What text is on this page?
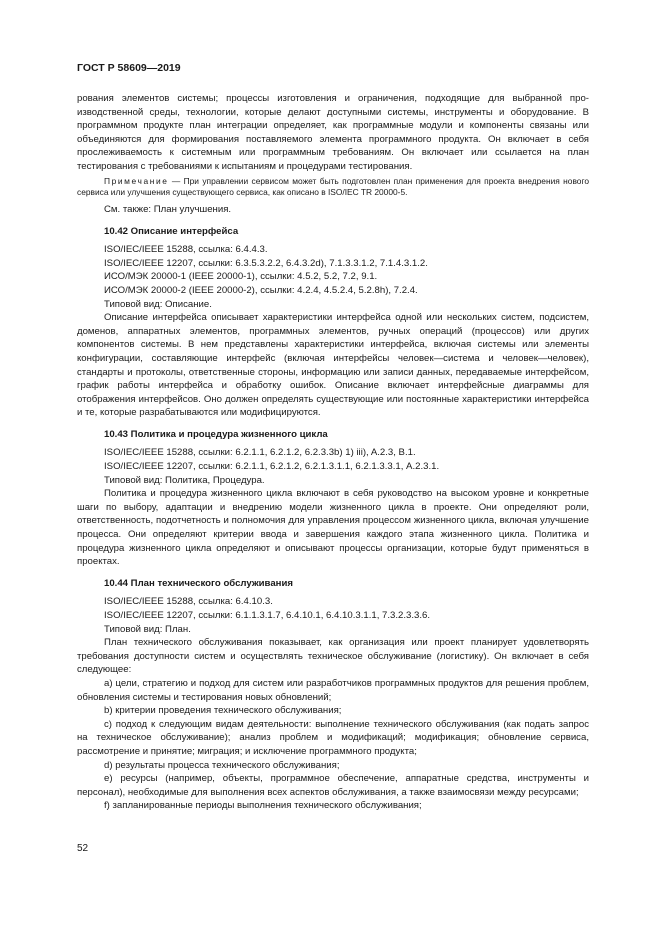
ГОСТ Р 58609—2019

рования элементов системы; процессы изготовления и ограничения, подходящие для выбранной производственной среды, технологии, которые делают доступными системы, инструменты и оборудование. В программном продукте план интеграции определяет, как программные модули и компоненты связаны или объединяются для формирования поставляемого элемента программного продукта. Он включает в себя прослеживаемость к системным или программным требованиям. Он включает или ссылается на план тестирования с требованиями к испытаниям и процедурами тестирования.

Примечание — При управлении сервисом может быть подготовлен план применения для проекта внедрения нового сервиса или улучшения существующего сервиса, как описано в ISO/IEC TR 20000-5.

См. также: План улучшения.

10.42 Описание интерфейса

ISO/IEC/IEEE 15288, ссылка: 6.4.4.3.

ISO/IEC/IEEE 12207, ссылки: 6.3.5.3.2.2, 6.4.3.2d), 7.1.3.3.1.2, 7.1.4.3.1.2.

ИСО/МЭК 20000-1 (IEEE 20000-1), ссылки: 4.5.2, 5.2, 7.2, 9.1.

ИСО/МЭК 20000-2 (IEEE 20000-2), ссылки: 4.2.4, 4.5.2.4, 5.2.8h), 7.2.4.

Типовой вид: Описание.

Описание интерфейса описывает характеристики интерфейса одной или нескольких систем, подсистем, доменов, аппаратных элементов, программных элементов, ручных операций (процессов) или других компонентов системы. В нем представлены характеристики интерфейса, включая системы или элементы конфигурации, составляющие интерфейс (включая интерфейсы человек—система и человек—человек), стандарты и протоколы, ответственные стороны, информацию или записи данных, передаваемые интерфейсом, график работы интерфейса и обработку ошибок. Описание включает интерфейсные диаграммы для отображения интерфейсов. Оно должен определять существующие или постоянные характеристики интерфейса и те, которые разрабатываются или модифицируются.

10.43 Политика и процедура жизненного цикла

ISO/IEC/IEEE 15288, ссылки: 6.2.1.1, 6.2.1.2, 6.2.3.3b) 1) iii), A.2.3, B.1.

ISO/IEC/IEEE 12207, ссылки: 6.2.1.1, 6.2.1.2, 6.2.1.3.1.1, 6.2.1.3.3.1, A.2.3.1.

Типовой вид: Политика, Процедура.

Политика и процедура жизненного цикла включают в себя руководство на высоком уровне и конкретные шаги по выбору, адаптации и внедрению модели жизненного цикла в проекте. Они определяют роли, ответственность, подотчетность и полномочия для управления процессом жизненного цикла, включая улучшение процесса. Они определяют критерии ввода и завершения каждого этапа жизненного цикла. Политика и процедура жизненного цикла определяют и описывают процессы организации, которые будут применяться в проектах.

10.44 План технического обслуживания

ISO/IEC/IEEE 15288, ссылка: 6.4.10.3.

ISO/IEC/IEEE 12207, ссылки: 6.1.1.3.1.7, 6.4.10.1, 6.4.10.3.1.1, 7.3.2.3.3.6.

Типовой вид: План.

План технического обслуживания показывает, как организация или проект планирует удовлетворять требования доступности систем и осуществлять техническое обслуживание (логистику). Он включает в себя следующее:

a) цели, стратегию и подход для систем или разработчиков программных продуктов для решения проблем, обновления системы и тестирования новых обновлений;

b) критерии проведения технического обслуживания;

c) подход к следующим видам деятельности: выполнение технического обслуживания (как подать запрос на техническое обслуживание); анализ проблем и модификаций; модификация; обновление сервиса, рассмотрение и принятие; миграция; и исключение программного продукта;

d) результаты процесса технического обслуживания;

e) ресурсы (например, объекты, программное обеспечение, аппаратные средства, инструменты и персонал), необходимые для выполнения всех аспектов обслуживания, а также взаимосвязи между ресурсами;

f) запланированные периоды выполнения технического обслуживания;

52
